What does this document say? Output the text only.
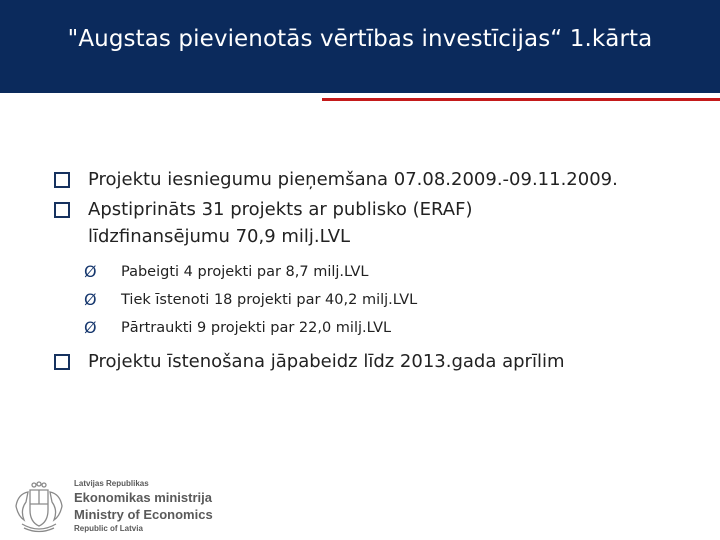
"Augstas pievienotās vērtības investīcijas“ 1.kārta
Projektu iesniegumu pieņemšana 07.08.2009.-09.11.2009.
Apstiprināts 31 projekts ar publisko (ERAF)
līdzfinansējumu 70,9 milj.LVL
Ø Pabeigti 4 projekti par 8,7 milj.LVL
Ø Tiek īstenoti 18 projekti par 40,2 milj.LVL
Ø Pārtraukti 9 projekti par 22,0 milj.LVL
Projektu īstenošana jāpabeidz līdz 2013.gada aprīlim
Latvijas Republikas
Ekonomikas ministrija
Ministry of Economics
Republic of Latvia
